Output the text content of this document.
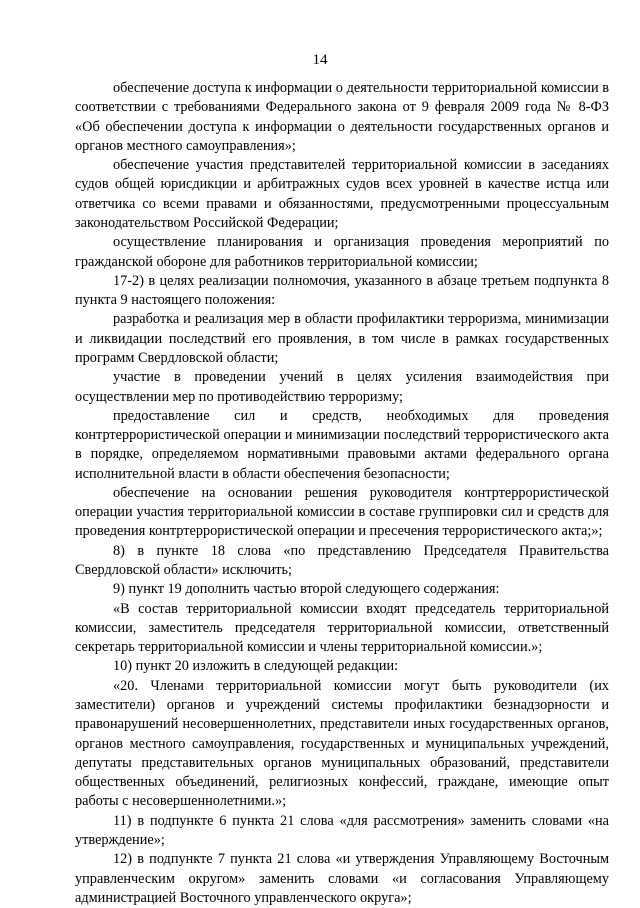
14

обеспечение доступа к информации о деятельности территориальной комиссии в соответствии с требованиями Федерального закона от 9 февраля 2009 года № 8-ФЗ «Об обеспечении доступа к информации о деятельности государственных органов и органов местного самоуправления»;

обеспечение участия представителей территориальной комиссии в заседаниях судов общей юрисдикции и арбитражных судов всех уровней в качестве истца или ответчика со всеми правами и обязанностями, предусмотренными процессуальным законодательством Российской Федерации;

осуществление планирования и организация проведения мероприятий по гражданской обороне для работников территориальной комиссии;

17-2) в целях реализации полномочия, указанного в абзаце третьем подпункта 8 пункта 9 настоящего положения:

разработка и реализация мер в области профилактики терроризма, минимизации и ликвидации последствий его проявления, в том числе в рамках государственных программ Свердловской области;

участие в проведении учений в целях усиления взаимодействия при осуществлении мер по противодействию терроризму;

предоставление сил и средств, необходимых для проведения контртеррористической операции и минимизации последствий террористического акта в порядке, определяемом нормативными правовыми актами федерального органа исполнительной власти в области обеспечения безопасности;

обеспечение на основании решения руководителя контртеррористической операции участия территориальной комиссии в составе группировки сил и средств для проведения контртеррористической операции и пресечения террористического акта;»;

8) в пункте 18 слова «по представлению Председателя Правительства Свердловской области» исключить;

9) пункт 19 дополнить частью второй следующего содержания:

«В состав территориальной комиссии входят председатель территориальной комиссии, заместитель председателя территориальной комиссии, ответственный секретарь территориальной комиссии и члены территориальной комиссии.»;

10) пункт 20 изложить в следующей редакции:

«20. Членами территориальной комиссии могут быть руководители (их заместители) органов и учреждений системы профилактики безнадзорности и правонарушений несовершеннолетних, представители иных государственных органов, органов местного самоуправления, государственных и муниципальных учреждений, депутаты представительных органов муниципальных образований, представители общественных объединений, религиозных конфессий, граждане, имеющие опыт работы с несовершеннолетними.»;

11) в подпункте 6 пункта 21 слова «для рассмотрения» заменить словами «на утверждение»;

12) в подпункте 7 пункта 21 слова «и утверждения Управляющему Восточным управленческим округом» заменить словами «и согласования Управляющему администрацией Восточного управленческого округа»;
